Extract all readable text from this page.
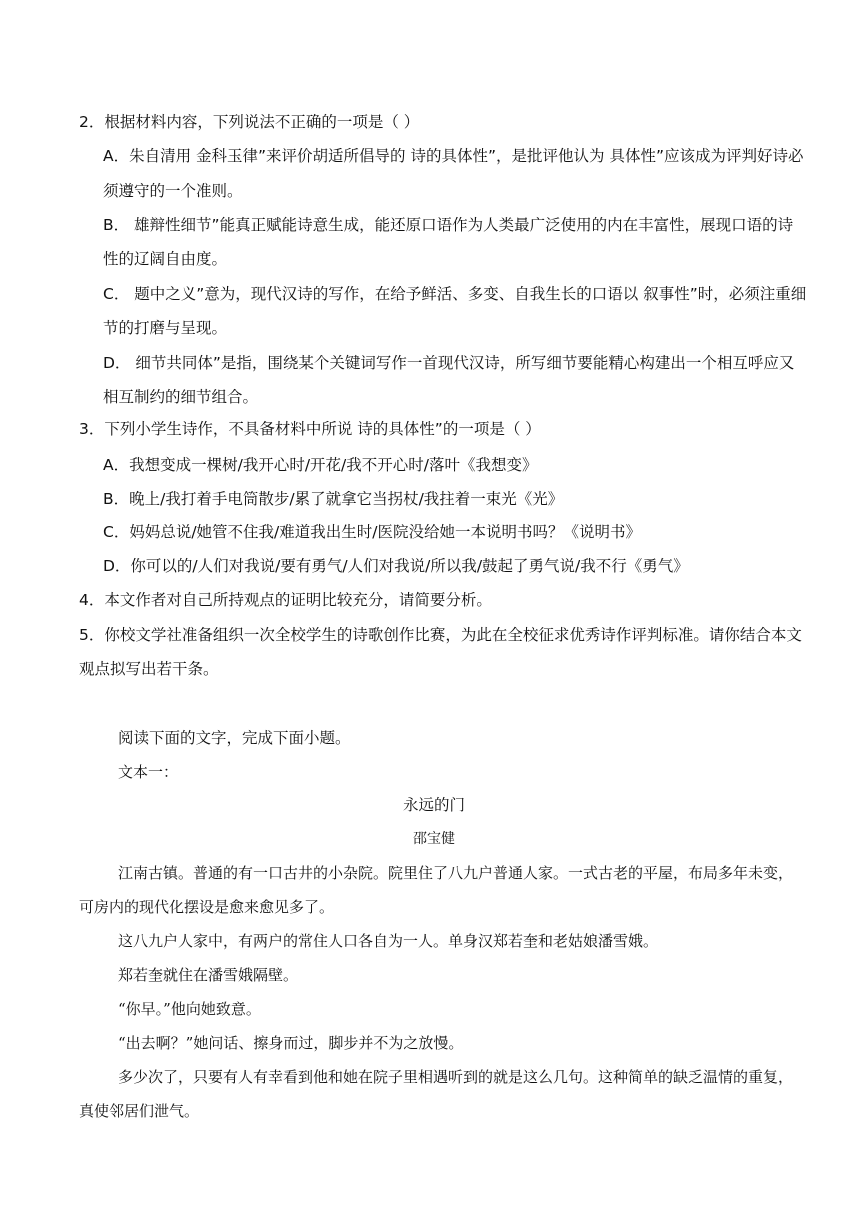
2．根据材料内容，下列说法不正确的一项是（ ）
A．朱自清用 金科玉律”来评价胡适所倡导的 诗的具体性”，是批评他认为 具体性”应该成为评判好诗必
须遵守的一个准则。
B． 雄辩性细节”能真正赋能诗意生成，能还原口语作为人类最广泛使用的内在丰富性，展现口语的诗
性的辽阔自由度。
C． 题中之义”意为，现代汉诗的写作，在给予鲜活、多变、自我生长的口语以 叙事性”时，必须注重细
节的打磨与呈现。
D． 细节共同体”是指，围绕某个关键词写作一首现代汉诗，所写细节要能精心构建出一个相互呼应又
相互制约的细节组合。
3．下列小学生诗作，不具备材料中所说 诗的具体性”的一项是（ ）
A．我想变成一棵树/我开心时/开花/我不开心时/落叶《我想变》
B．晚上/我打着手电筒散步/累了就拿它当拐杖/我拄着一束光《光》
C．妈妈总说/她管不住我/难道我出生时/医院没给她一本说明书吗？《说明书》
D．你可以的/人们对我说/要有勇气/人们对我说/所以我/鼓起了勇气说/我不行《勇气》
4．本文作者对自己所持观点的证明比较充分，请简要分析。
5．你校文学社准备组织一次全校学生的诗歌创作比赛，为此在全校征求优秀诗作评判标准。请你结合本文
观点拟写出若干条。
阅读下面的文字，完成下面小题。
文本一：
永远的门
邵宝健
江南古镇。普通的有一口古井的小杂院。院里住了八九户普通人家。一式古老的平屋，布局多年未变，
可房内的现代化摆设是愈来愈见多了。
这八九户人家中，有两户的常住人口各自为一人。单身汉郑若奎和老姑娘潘雪娥。
郑若奎就住在潘雪娥隔壁。
“你早。”他向她致意。
“出去啊？”她问话、擦身而过，脚步并不为之放慢。
多少次了，只要有人有幸看到他和她在院子里相遇听到的就是这么几句。这种简单的缺乏温情的重复，
真使邻居们泄气。
